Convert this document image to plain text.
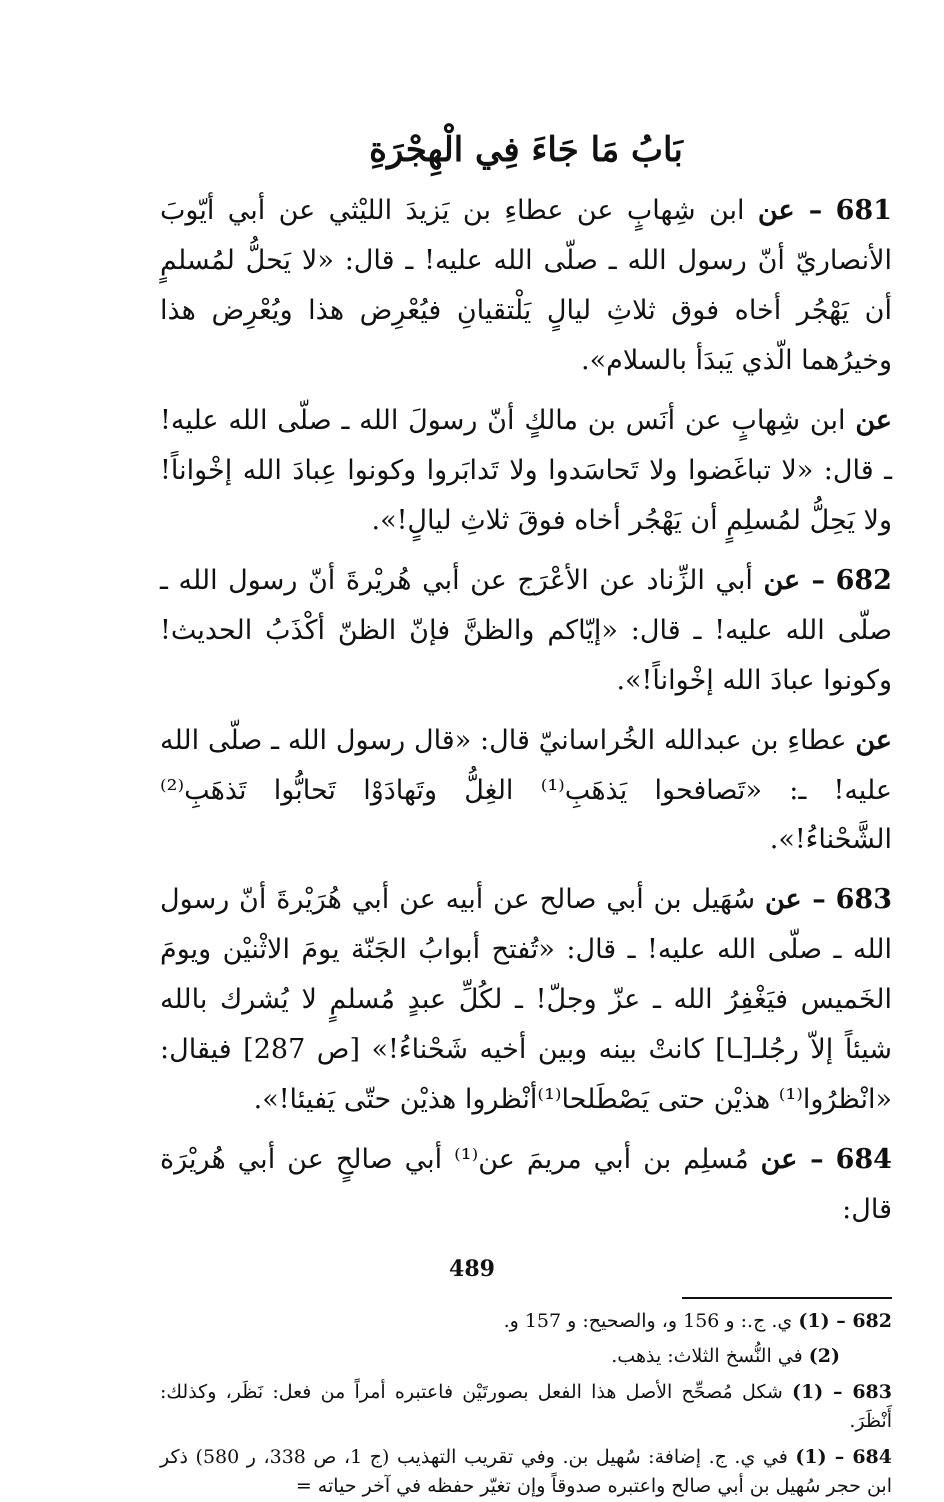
بَابُ مَا جَاءَ فِي الْهِجْرَةِ

681 – عن ابن شِهابٍ عن عطاءِ بن يَزيدَ الليْثي عن أبي أيّوبَ الأنصاريّ أنّ رسول الله ـ صلّى الله عليه! ـ قال: «لا يَحلُّ لمُسلمٍ أن يَهْجُر أخاه فوق ثلاثِ ليالٍ يَلْتقيانِ فيُعْرِض هذا ويُعْرِض هذا وخيرُهما الّذي يَبدَأ بالسلام».

عن ابن شِهابٍ عن أنَس بن مالكٍ أنّ رسولَ الله ـ صلّى الله عليه! ـ قال: «لا تباغَضوا ولا تَحاسَدوا ولا تَدابَروا وكونوا عِبادَ الله إخْواناً! ولا يَحِلُّ لمُسلِمٍ أن يَهْجُر أخاه فوقَ ثلاثِ ليالٍ!».

682 – عن أبي الزِّناد عن الأعْرَج عن أبي هُريْرةَ أنّ رسول الله ـ صلّى الله عليه! ـ قال: «إيّاكم والظنَّ فإنّ الظنّ أكْذَبُ الحديث! وكونوا عبادَ الله إخْواناً!».

عن عطاءِ بن عبدالله الخُراسانيّ قال: «قال رسول الله ـ صلّى الله عليه! ـ: «تَصافحوا يَذهَبِ⁽¹⁾ الغِلُّ وتَهادَوْا تَحابُّوا تَذهَبِ⁽²⁾ الشَّحْناءُ!».

683 – عن سُهَيل بن أبي صالح عن أبيه عن أبي هُرَيْرةَ أنّ رسول الله ـ صلّى الله عليه! ـ قال: «تُفتح أبوابُ الجَنّة يومَ الاثْنيْن ويومَ الخَميس فيَغْفِرُ الله ـ عزّ وجلّ! ـ لكُلِّ عبدٍ مُسلمٍ لا يُشرك بالله شيئاً إلاّ رجُلـ[ـا] كانتْ بينه وبين أخيه شَحْناءُ!» [ص 287] فيقال: «انْظرُوا⁽¹⁾ هذيْن حتى يَصْطَلحا⁽¹⁾أنْظروا هذيْن حتّى يَفيئا!».

684 – عن مُسلِم بن أبي مريمَ عن⁽¹⁾ أبي صالحٍ عن أبي هُريْرَة قال:

682 – (1) ي. ج.: و 156 و، والصحيح: و 157 و.

(2) في النُّسخ الثلاث: يذهب.

683 – (1) شكل مُصحِّح الأصل هذا الفعل بصورتَيْن فاعتبره أمراً من فعل: نَظَر، وكذلك: أَنْظَرَ.

684 – (1) في ي. ج. إضافة: سُهيل بن. وفي تقريب التهذيب (ج 1، ص 338، ر 580) ذكر ابن حجر سُهيل بن أبي صالح واعتبره صدوقاً وإن تغيّر حفظه في آخر حياته =

489
